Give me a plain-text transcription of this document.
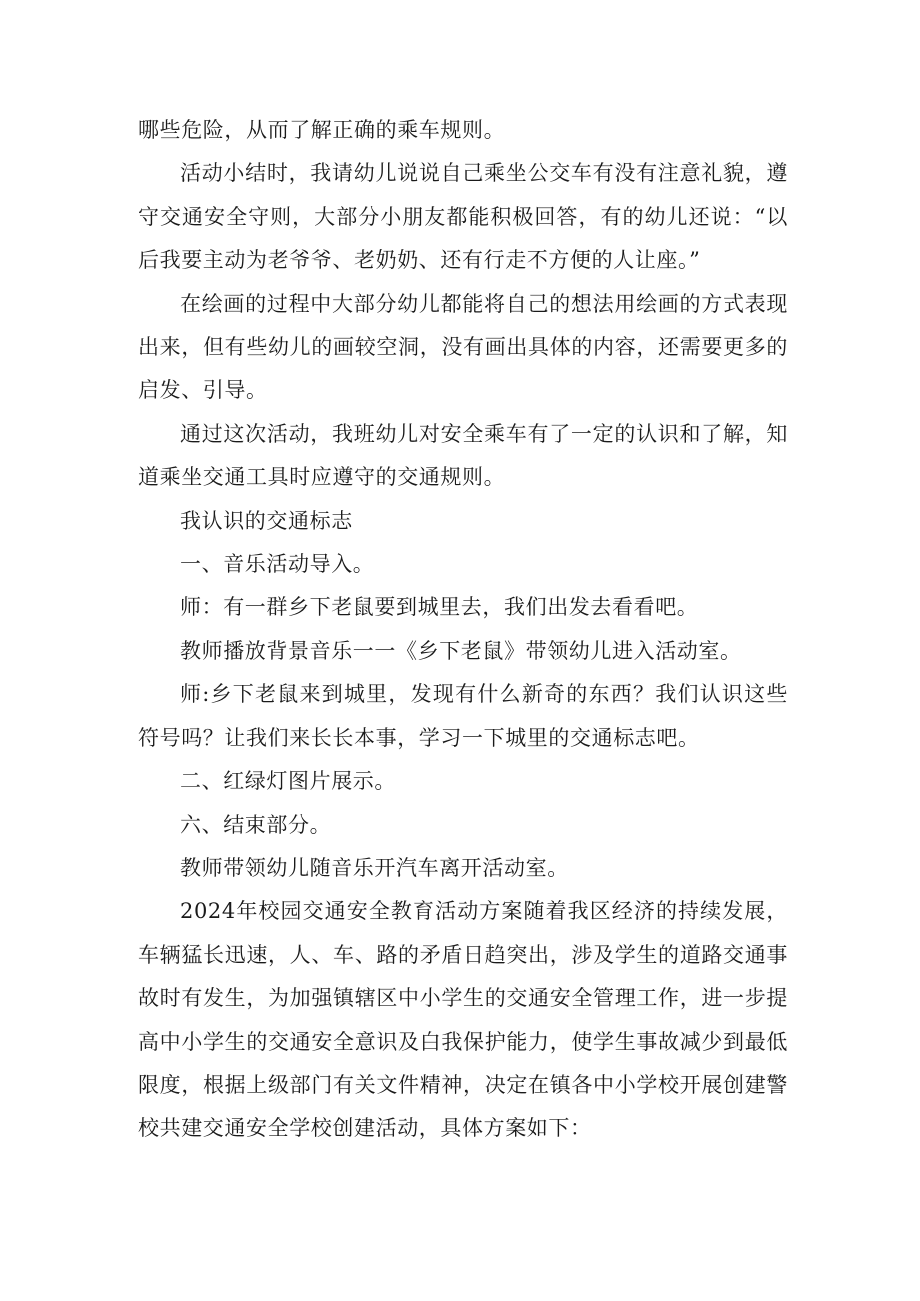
哪些危险，从而了解正确的乘车规则。

活动小结时，我请幼儿说说自己乘坐公交车有没有注意礼貌，遵守交通安全守则，大部分小朋友都能积极回答，有的幼儿还说：“以后我要主动为老爷爷、老奶奶、还有行走不方便的人让座。”

在绘画的过程中大部分幼儿都能将自己的想法用绘画的方式表现出来，但有些幼儿的画较空洞，没有画出具体的内容，还需要更多的启发、引导。

通过这次活动，我班幼儿对安全乘车有了一定的认识和了解，知道乘坐交通工具时应遵守的交通规则。

我认识的交通标志

一、音乐活动导入。

师：有一群乡下老鼠要到城里去，我们出发去看看吧。

教师播放背景音乐一一《乡下老鼠》带领幼儿进入活动室。

师:乡下老鼠来到城里，发现有什么新奇的东西？我们认识这些符号吗？让我们来长长本事，学习一下城里的交通标志吧。

二、红绿灯图片展示。

六、结束部分。

教师带领幼儿随音乐开汽车离开活动室。

2024年校园交通安全教育活动方案随着我区经济的持续发展，车辆猛长迅速，人、车、路的矛盾日趋突出，涉及学生的道路交通事故时有发生，为加强镇辖区中小学生的交通安全管理工作，进一步提高中小学生的交通安全意识及白我保护能力，使学生事故减少到最低限度，根据上级部门有关文件精神，决定在镇各中小学校开展创建警校共建交通安全学校创建活动，具体方案如下：
